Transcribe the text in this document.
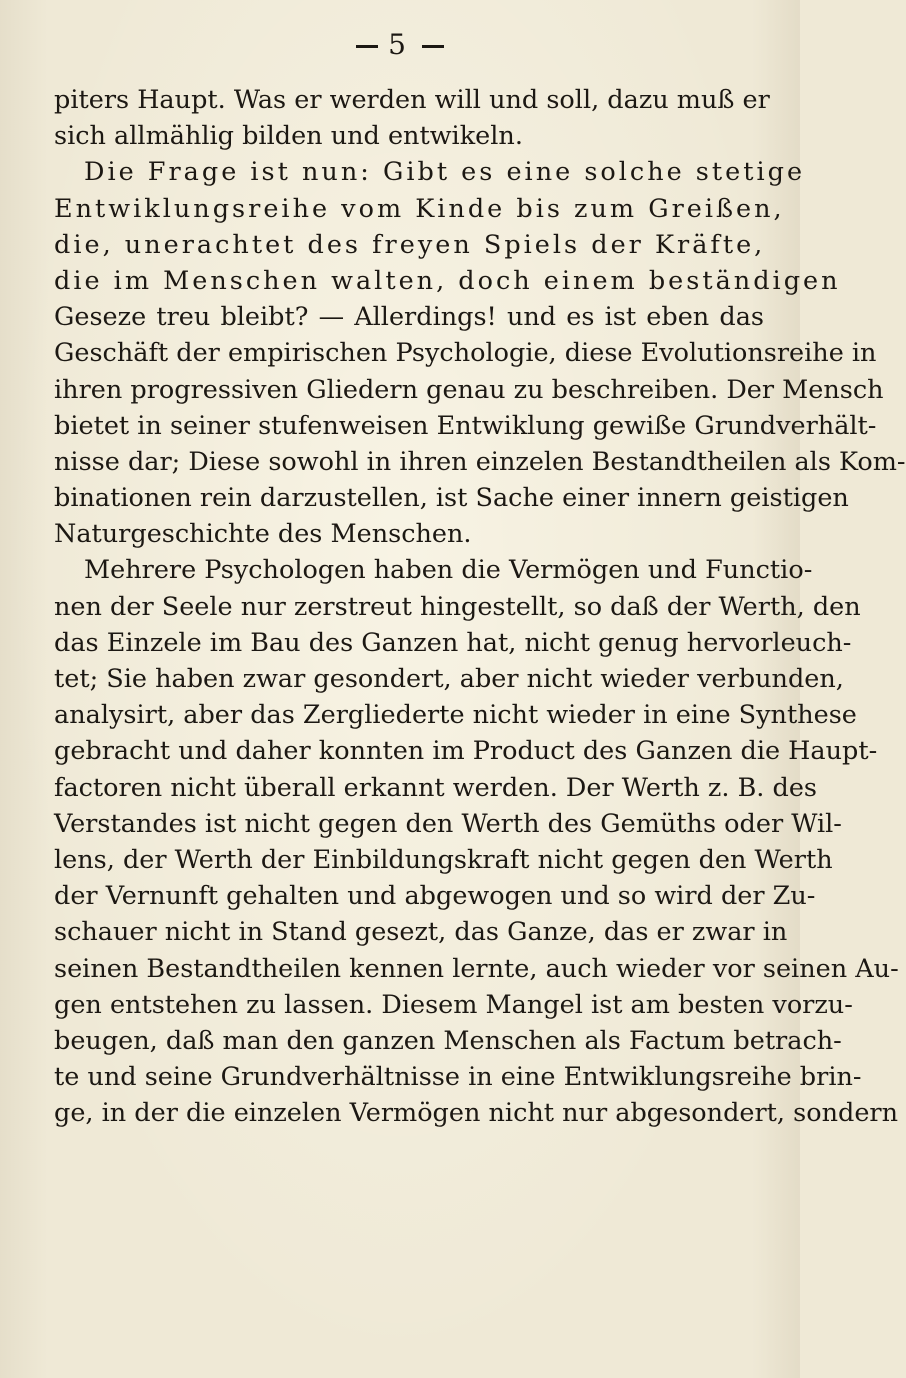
5
piters Haupt. Was er werden will und soll, dazu muß er
sich allmählig bilden und entwikeln.
Die Frage ist nun: Gibt es eine solche stetige
Entwiklungsreihe vom Kinde bis zum Greißen,
die, unerachtet des freyen Spiels der Kräfte,
die im Menschen walten, doch einem beständigen
Geseze treu bleibt? — Allerdings! und es ist eben das
Geschäft der empirischen Psychologie, diese Evolutionsreihe in
ihren progressiven Gliedern genau zu beschreiben. Der Mensch
bietet in seiner stufenweisen Entwiklung gewiße Grundverhält-
nisse dar; Diese sowohl in ihren einzelen Bestandtheilen als Kom-
binationen rein darzustellen, ist Sache einer innern geistigen
Naturgeschichte des Menschen.
Mehrere Psychologen haben die Vermögen und Functio-
nen der Seele nur zerstreut hingestellt, so daß der Werth, den
das Einzele im Bau des Ganzen hat, nicht genug hervorleuch-
tet; Sie haben zwar gesondert, aber nicht wieder verbunden,
analysirt, aber das Zergliederte nicht wieder in eine Synthese
gebracht und daher konnten im Product des Ganzen die Haupt-
factoren nicht überall erkannt werden. Der Werth z. B. des
Verstandes ist nicht gegen den Werth des Gemüths oder Wil-
lens, der Werth der Einbildungskraft nicht gegen den Werth
der Vernunft gehalten und abgewogen und so wird der Zu-
schauer nicht in Stand gesezt, das Ganze, das er zwar in
seinen Bestandtheilen kennen lernte, auch wieder vor seinen Au-
gen entstehen zu lassen. Diesem Mangel ist am besten vorzu-
beugen, daß man den ganzen Menschen als Factum betrach-
te und seine Grundverhältnisse in eine Entwiklungsreihe brin-
ge, in der die einzelen Vermögen nicht nur abgesondert, sondern
